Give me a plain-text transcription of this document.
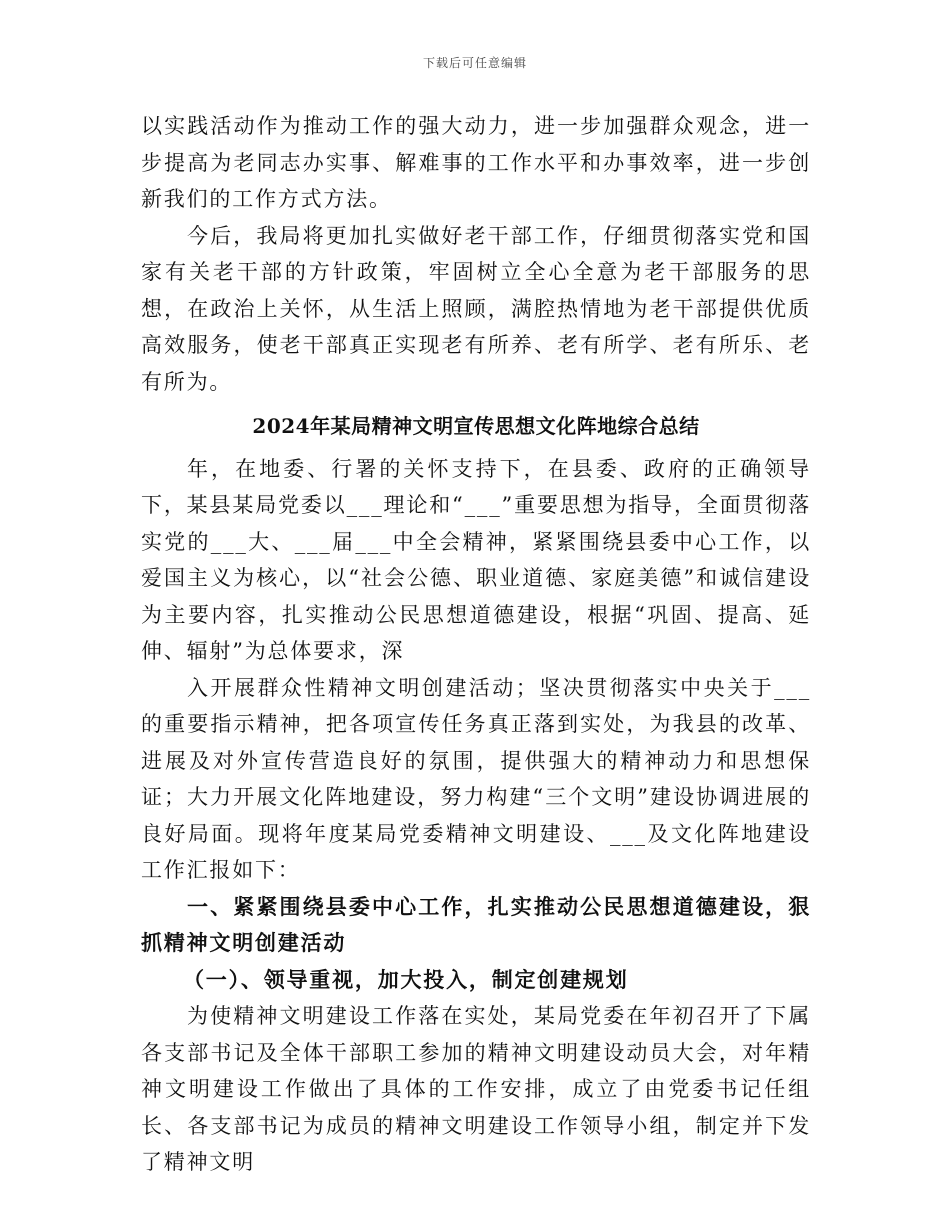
下载后可任意编辑

以实践活动作为推动工作的强大动力，进一步加强群众观念，进一步提高为老同志办实事、解难事的工作水平和办事效率，进一步创新我们的工作方式方法。

今后，我局将更加扎实做好老干部工作，仔细贯彻落实党和国家有关老干部的方针政策，牢固树立全心全意为老干部服务的思想，在政治上关怀，从生活上照顾，满腔热情地为老干部提供优质高效服务，使老干部真正实现老有所养、老有所学、老有所乐、老有所为。

2024年某局精神文明宣传思想文化阵地综合总结

年，在地委、行署的关怀支持下，在县委、政府的正确领导下，某县某局党委以___理论和“___”重要思想为指导，全面贯彻落实党的___大、___届___中全会精神，紧紧围绕县委中心工作，以爱国主义为核心，以“社会公德、职业道德、家庭美德”和诚信建设为主要内容，扎实推动公民思想道德建设，根据“巩固、提高、延伸、辐射”为总体要求，深

入开展群众性精神文明创建活动；坚决贯彻落实中央关于___的重要指示精神，把各项宣传任务真正落到实处，为我县的改革、进展及对外宣传营造良好的氛围，提供强大的精神动力和思想保证；大力开展文化阵地建设，努力构建“三个文明”建设协调进展的良好局面。现将年度某局党委精神文明建设、___及文化阵地建设工作汇报如下：

一、紧紧围绕县委中心工作，扎实推动公民思想道德建设，狠抓精神文明创建活动

（一）、领导重视，加大投入，制定创建规划

为使精神文明建设工作落在实处，某局党委在年初召开了下属各支部书记及全体干部职工参加的精神文明建设动员大会，对年精神文明建设工作做出了具体的工作安排，成立了由党委书记任组长、各支部书记为成员的精神文明建设工作领导小组，制定并下发了精神文明
